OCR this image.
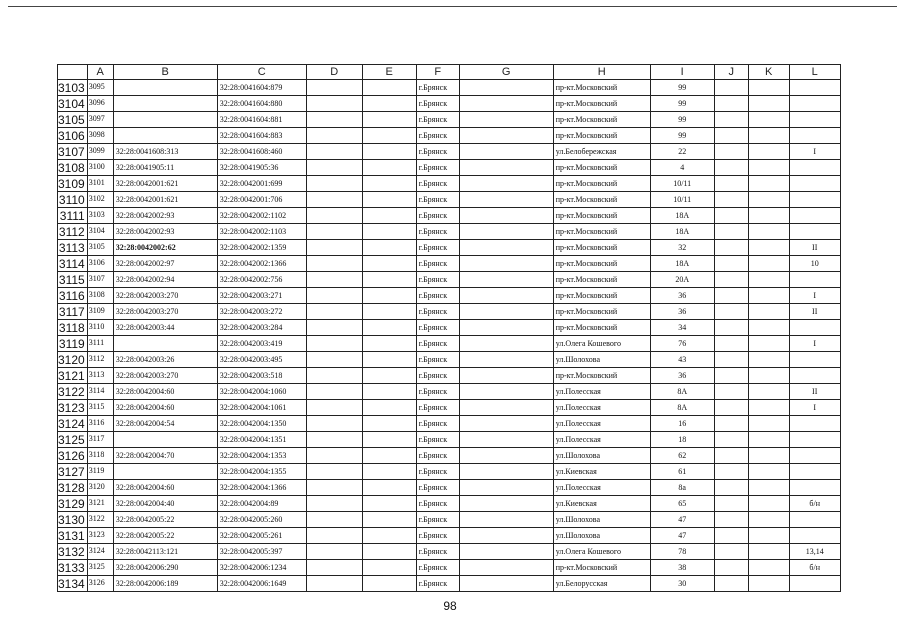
	A	B	C	D	E	F	G	H	I	J	K	L
3103	3095		32:28:0041604:879			г.Брянск		пр-кт.Московский	99			
3104	3096		32:28:0041604:880			г.Брянск		пр-кт.Московский	99			
3105	3097		32:28:0041604:881			г.Брянск		пр-кт.Московский	99			
3106	3098		32:28:0041604:883			г.Брянск		пр-кт.Московский	99			
3107	3099	32:28:0041608:313	32:28:0041608:460			г.Брянск		ул.Белобережская	22			I
3108	3100	32:28:0041905:11	32:28:0041905:36			г.Брянск		пр-кт.Московский	4			
3109	3101	32:28:0042001:621	32:28:0042001:699			г.Брянск		пр-кт.Московский	10/11			
3110	3102	32:28:0042001:621	32:28:0042001:706			г.Брянск		пр-кт.Московский	10/11			
3111	3103	32:28:0042002:93	32:28:0042002:1102			г.Брянск		пр-кт.Московский	18А			
3112	3104	32:28:0042002:93	32:28:0042002:1103			г.Брянск		пр-кт.Московский	18А			
3113	3105	32:28:0042002:62	32:28:0042002:1359			г.Брянск		пр-кт.Московский	32			II
3114	3106	32:28:0042002:97	32:28:0042002:1366			г.Брянск		пр-кт.Московский	18А			10
3115	3107	32:28:0042002:94	32:28:0042002:756			г.Брянск		пр-кт.Московский	20А			
3116	3108	32:28:0042003:270	32:28:0042003:271			г.Брянск		пр-кт.Московский	36			I
3117	3109	32:28:0042003:270	32:28:0042003:272			г.Брянск		пр-кт.Московский	36			II
3118	3110	32:28:0042003:44	32:28:0042003:284			г.Брянск		пр-кт.Московский	34			
3119	3111		32:28:0042003:419			г.Брянск		ул.Олега Кошевого	76			I
3120	3112	32:28:0042003:26	32:28:0042003:495			г.Брянск		ул.Шолохова	43			
3121	3113	32:28:0042003:270	32:28:0042003:518			г.Брянск		пр-кт.Московский	36			
3122	3114	32:28:0042004:60	32:28:0042004:1060			г.Брянск		ул.Полесская	8А			II
3123	3115	32:28:0042004:60	32:28:0042004:1061			г.Брянск		ул.Полесская	8А			I
3124	3116	32:28:0042004:54	32:28:0042004:1350			г.Брянск		ул.Полесская	16			
3125	3117		32:28:0042004:1351			г.Брянск		ул.Полесская	18			
3126	3118	32:28:0042004:70	32:28:0042004:1353			г.Брянск		ул.Шолохова	62			
3127	3119		32:28:0042004:1355			г.Брянск		ул.Киевская	61			
3128	3120	32:28:0042004:60	32:28:0042004:1366			г.Брянск		ул.Полесская	8а			
3129	3121	32:28:0042004:40	32:28:0042004:89			г.Брянск		ул.Киевская	65			б/н
3130	3122	32:28:0042005:22	32:28:0042005:260			г.Брянск		ул.Шолохова	47			
3131	3123	32:28:0042005:22	32:28:0042005:261			г.Брянск		ул.Шолохова	47			
3132	3124	32:28:0042113:121	32:28:0042005:397			г.Брянск		ул.Олега Кошевого	78			13,14
3133	3125	32:28:0042006:290	32:28:0042006:1234			г.Брянск		пр-кт.Московский	38			б/н
3134	3126	32:28:0042006:189	32:28:0042006:1649			г.Брянск		ул.Белорусская	30			
98
